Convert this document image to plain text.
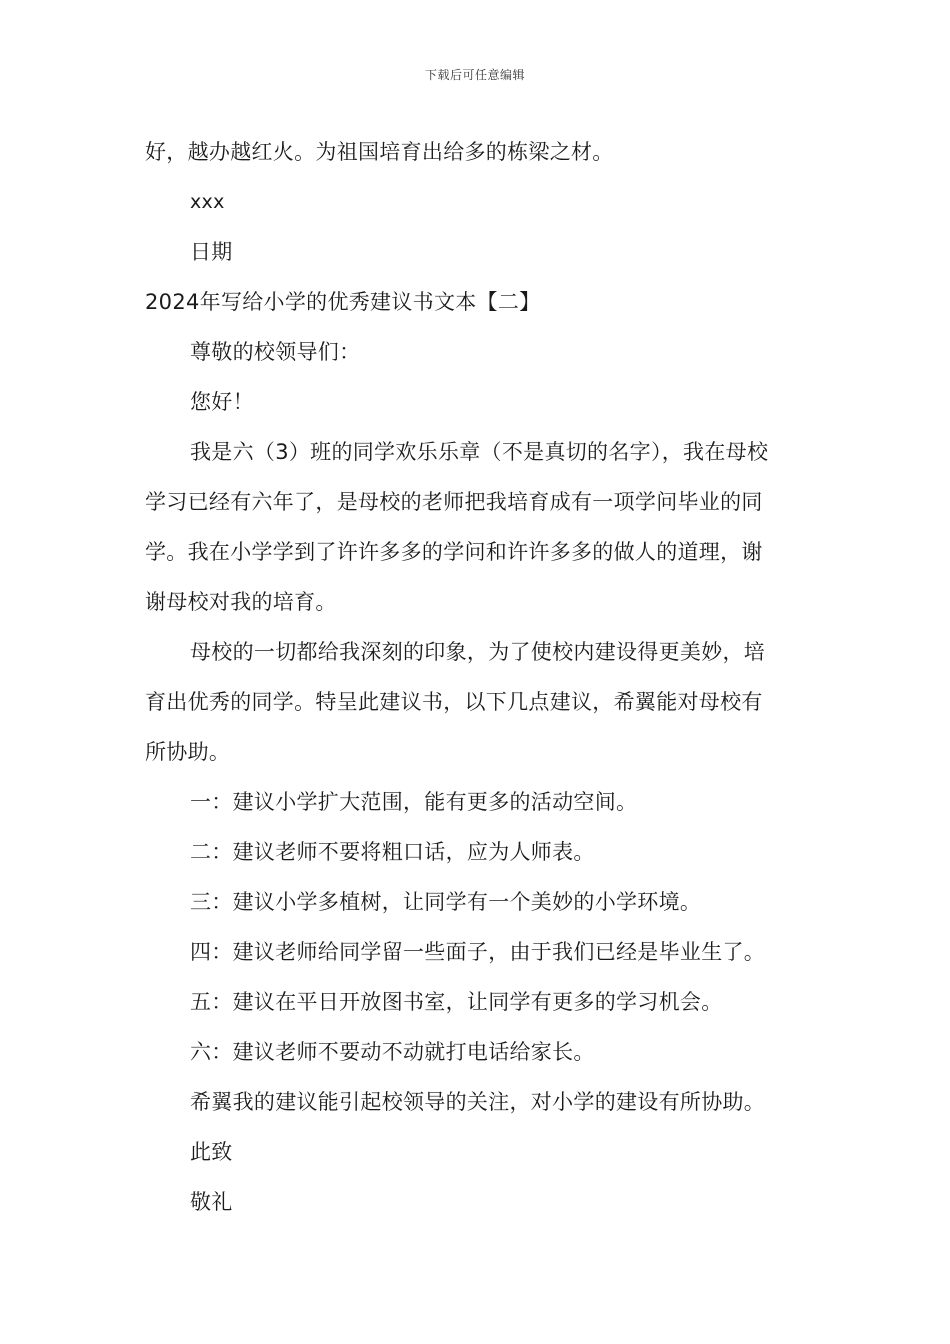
下载后可任意编辑
好，越办越红火。为祖国培育出给多的栋梁之材。
xxx
日期
2024年写给小学的优秀建议书文本【二】
尊敬的校领导们：
您好！
我是六（3）班的同学欢乐乐章（不是真切的名字），我在母校
学习已经有六年了，是母校的老师把我培育成有一项学问毕业的同
学。我在小学学到了许许多多的学问和许许多多的做人的道理，谢
谢母校对我的培育。
母校的一切都给我深刻的印象，为了使校内建设得更美妙，培
育出优秀的同学。特呈此建议书，以下几点建议，希翼能对母校有
所协助。
一：建议小学扩大范围，能有更多的活动空间。
二：建议老师不要将粗口话，应为人师表。
三：建议小学多植树，让同学有一个美妙的小学环境。
四：建议老师给同学留一些面子，由于我们已经是毕业生了。
五：建议在平日开放图书室，让同学有更多的学习机会。
六：建议老师不要动不动就打电话给家长。
希翼我的建议能引起校领导的关注，对小学的建设有所协助。
此致
敬礼
